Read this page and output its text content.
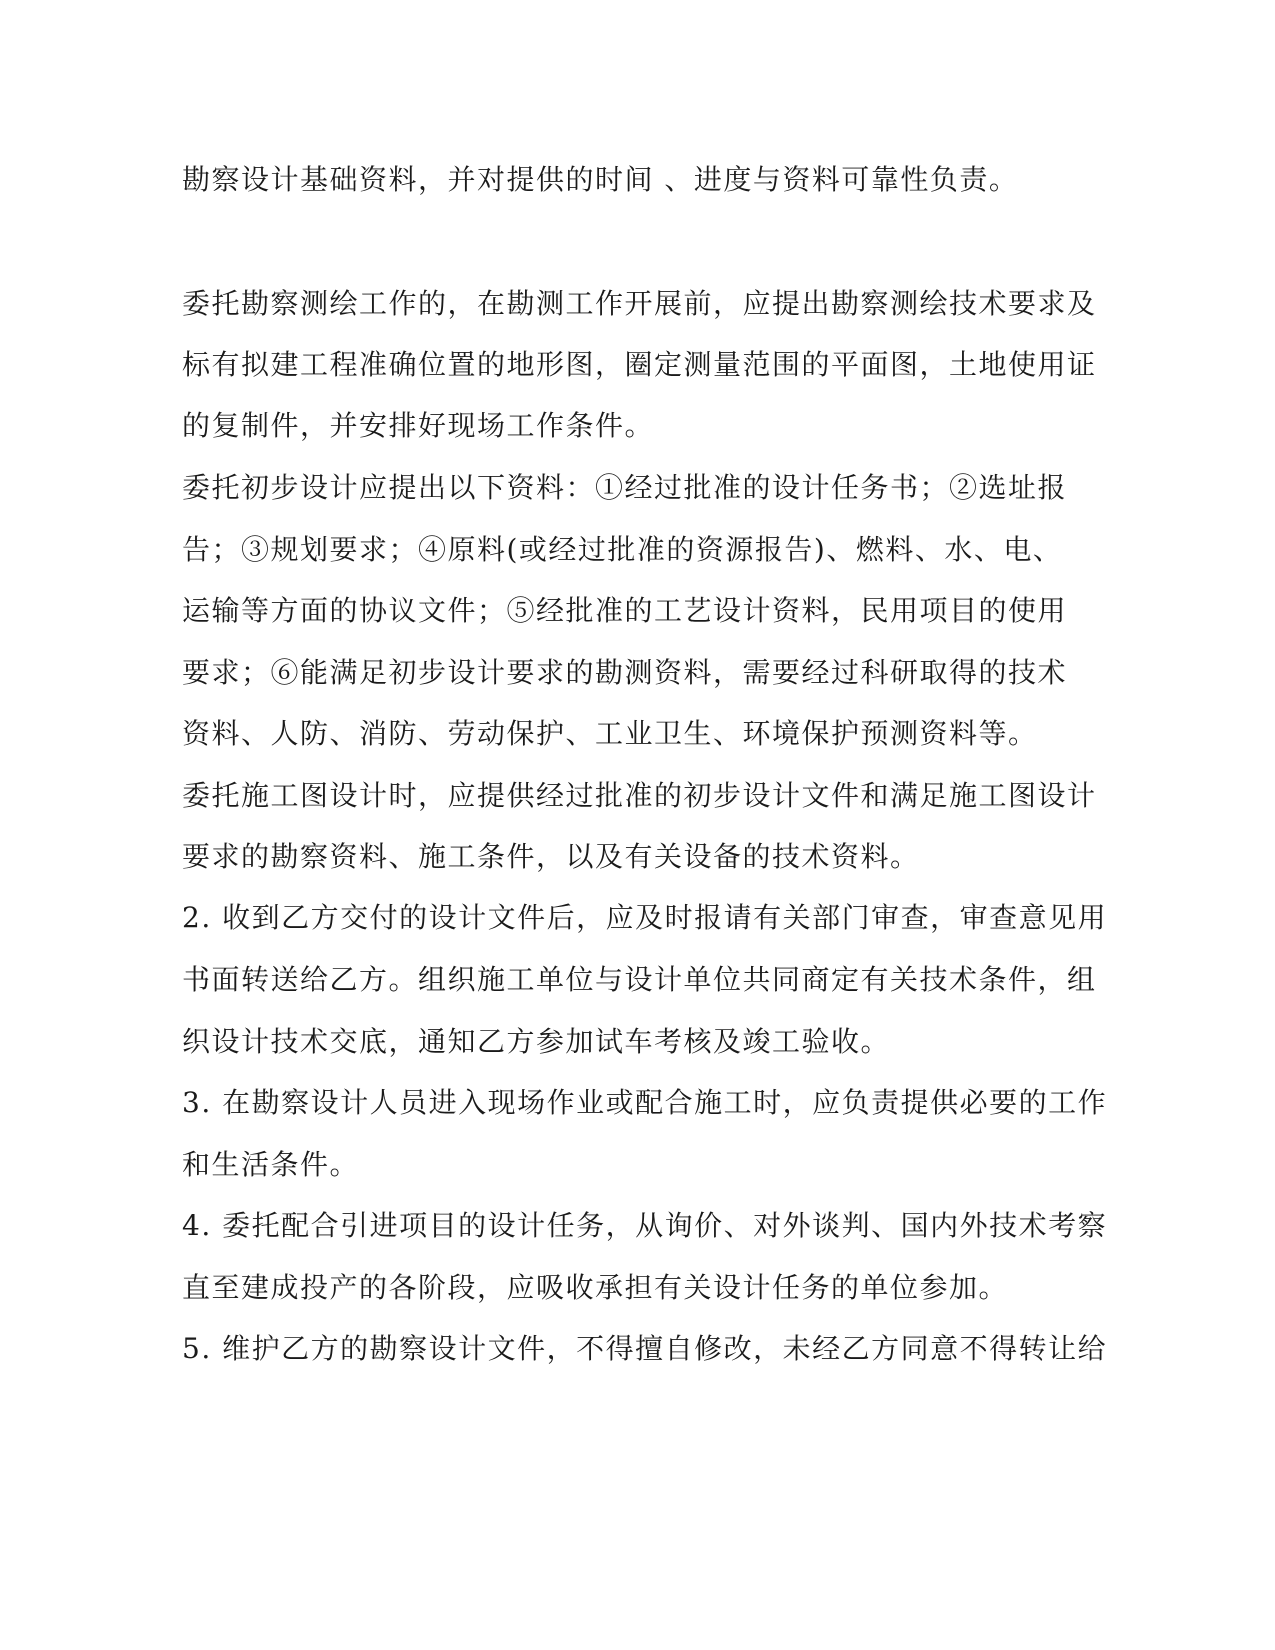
勘察设计基础资料，并对提供的时间 、进度与资料可靠性负责。
委托勘察测绘工作的，在勘测工作开展前，应提出勘察测绘技术要求及
标有拟建工程准确位置的地形图，圈定测量范围的平面图，土地使用证
的复制件，并安排好现场工作条件。
委托初步设计应提出以下资料：①经过批准的设计任务书；②选址报
告；③规划要求；④原料(或经过批准的资源报告)、燃料、水、电、
运输等方面的协议文件；⑤经批准的工艺设计资料，民用项目的使用
要求；⑥能满足初步设计要求的勘测资料，需要经过科研取得的技术
资料、人防、消防、劳动保护、工业卫生、环境保护预测资料等。
委托施工图设计时，应提供经过批准的初步设计文件和满足施工图设计
要求的勘察资料、施工条件，以及有关设备的技术资料。
2. 收到乙方交付的设计文件后，应及时报请有关部门审查，审查意见用
书面转送给乙方。组织施工单位与设计单位共同商定有关技术条件，组
织设计技术交底，通知乙方参加试车考核及竣工验收。
3. 在勘察设计人员进入现场作业或配合施工时，应负责提供必要的工作
和生活条件。
4. 委托配合引进项目的设计任务，从询价、对外谈判、国内外技术考察
直至建成投产的各阶段，应吸收承担有关设计任务的单位参加。
5. 维护乙方的勘察设计文件，不得擅自修改，未经乙方同意不得转让给
